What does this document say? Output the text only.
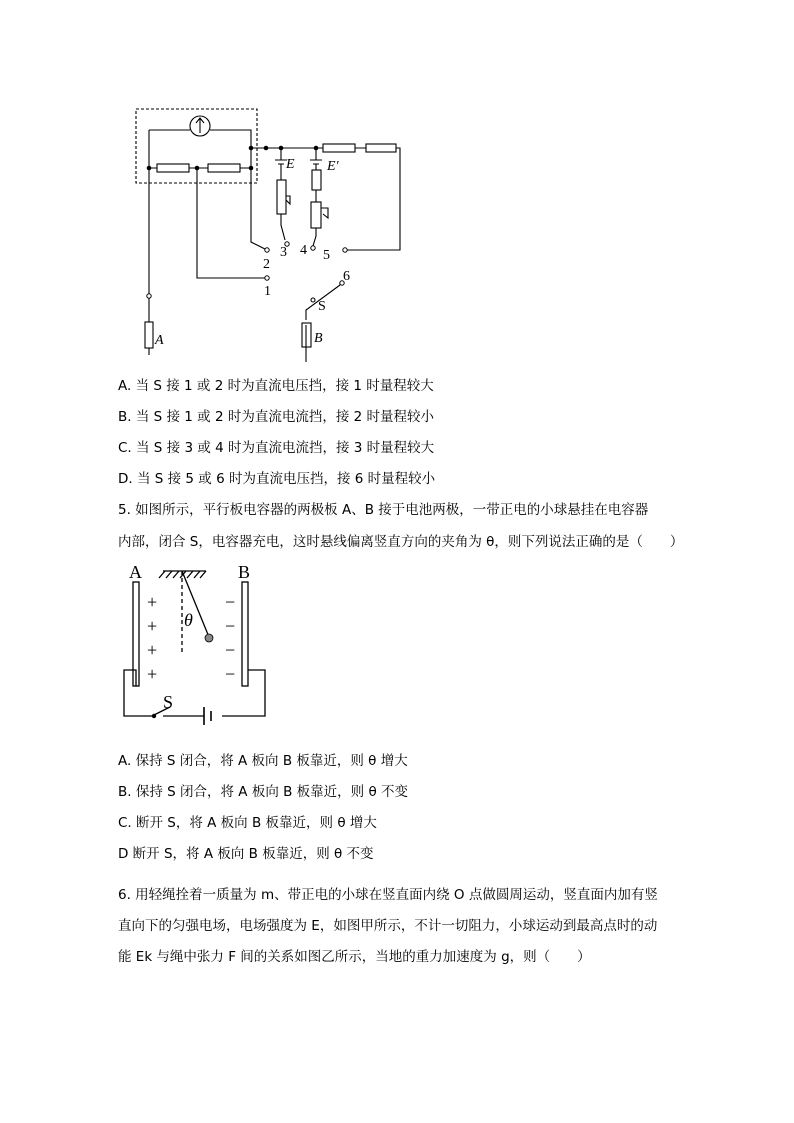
E E′
2
3 4 5
6
1
S
A	B
A. 当 S 接 1 或 2 时为直流电压挡，接 1 时量程较大
B. 当 S 接 1 或 2 时为直流电流挡，接 2 时量程较小
C. 当 S 接 3 或 4 时为直流电流挡，接 3 时量程较大
D. 当 S 接 5 或 6 时为直流电压挡，接 6 时量程较小
5. 如图所示，平行板电容器的两极板 A、B 接于电池两极，一带正电的小球悬挂在电容器
内部，闭合 S，电容器充电，这时悬线偏离竖直方向的夹角为 θ，则下列说法正确的是（　　）
A	B
+
+
+
+
−
−
−
−
θ
S
A. 保持 S 闭合，将 A 板向 B 板靠近，则 θ 增大
B. 保持 S 闭合，将 A 板向 B 板靠近，则 θ 不变
C. 断开 S，将 A 板向 B 板靠近，则 θ 增大
D 断开 S，将 A 板向 B 板靠近，则 θ 不变
6. 用轻绳拴着一质量为 m、带正电的小球在竖直面内绕 O 点做圆周运动，竖直面内加有竖
直向下的匀强电场，电场强度为 E，如图甲所示，不计一切阻力，小球运动到最高点时的动
能 Ek 与绳中张力 F 间的关系如图乙所示，当地的重力加速度为 g，则（　　）
